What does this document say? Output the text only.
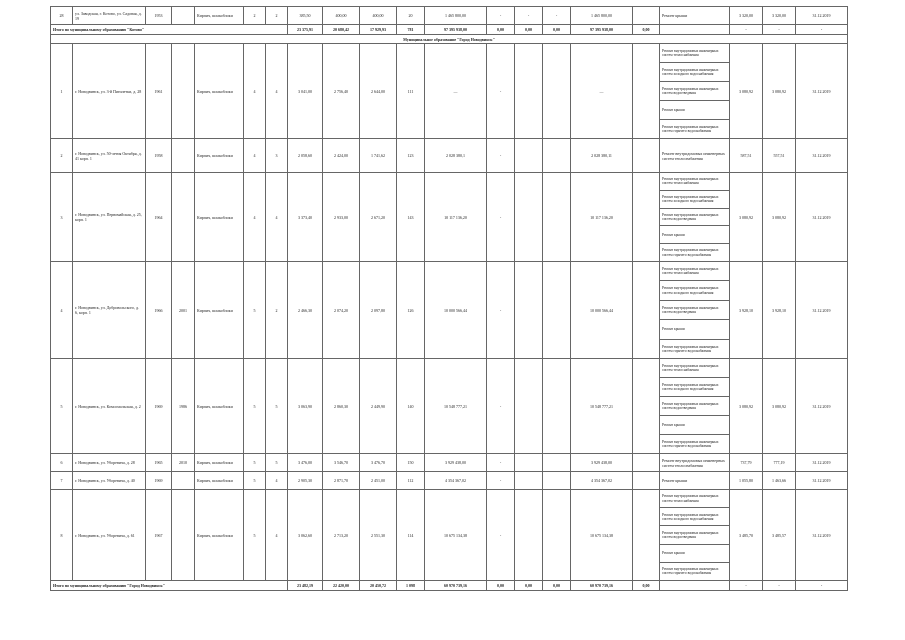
28	ул. Заводская, г. Котово, ул. Садовая, д. 19	1953		Кирпич, шлакоблоки	2	2	385,50	400,00	400,00	20	1 465 800,00	-	-	-	1 465 800,00		Ремонт крыши	3 320,00	3 320,00	31.12.2019
Итого по муниципальному образованию "Котово"							23 375,91	20 680,42	17 929,93	781	97 395 938,00	0,00	0,00	0,00	97 395 938,00	0,00		-	-	-
Муниципальное образование "Город Новодвинск"																				
1	г. Новодвинск, ул. 3-й Пятилетки, д. 28	1961		Кирпич, шлакоблоки	4	4	3 041,00	2 756,40	2 644,00	111	—	-			—		Ремонт внутридомовых инженерных систем теплоснабжения
Ремонт внутридомовых инженерных систем холодного водоснабжения
Ремонт внутридомовых инженерных систем водоотведения
Ремонт крыши
Ремонт внутридомовых инженерных систем горячего водоснабжения	3 080,92	3 080,92	31.12.2019
2	г. Новодвинск, ул. 50-летия Октября, д. 41 корп. 1	1958		Кирпич, шлакоблоки	4	3	2 058,60	2 424,00	1 741,62	123	2 028 380,1	-			2 028 380,11		Ремонт внутридомовых инженерных систем теплоснабжения	587,51	557,51	31.12.2019
3	г. Новодвинск, ул. Первомайская, д. 25, корп. 1	1964		Кирпич, шлакоблоки	4	4	3 373,40	2 933,00	2 671,20	143	10 117 136,20	-			10 117 136,20		Ремонт внутридомовых инженерных систем теплоснабжения
Ремонт внутридомовых инженерных систем холодного водоснабжения
Ремонт внутридомовых инженерных систем водоотведения
Ремонт крыши
Ремонт внутридомовых инженерных систем горячего водоснабжения	3 080,92	3 080,92	31.12.2019
4	г. Новодвинск, ул. Добровольского, д. 6, корп. 1	1966	2001	Кирпич, шлакоблоки	5	2	2 466,30	2 074,20	2 097,80	126	10 000 566,44	-			10 000 566,44		Ремонт внутридомовых инженерных систем теплоснабжения
Ремонт внутридомовых инженерных систем холодного водоснабжения
Ремонт внутридомовых инженерных систем водоотведения
Ремонт крыши
Ремонт внутридомовых инженерных систем горячего водоснабжения	3 928,10	3 928,10	31.12.2019
5	г. Новодвинск, ул. Комсомольская, д. 2	1969	1986	Кирпич, шлакоблоки	5	5	3 063,90	2 860,30	2 449,90	140	10 548 777,21	-			10 548 777,21		Ремонт внутридомовых инженерных систем теплоснабжения
Ремонт внутридомовых инженерных систем холодного водоснабжения
Ремонт внутридомовых инженерных систем водоотведения
Ремонт крыши
Ремонт внутридомовых инженерных систем горячего водоснабжения	3 080,92	3 080,92	31.12.2019
6	г. Новодвинск, ул. Уборевича, д. 28	1965	2010	Кирпич, шлакоблоки	5	5	3 476,00	3 546,70	3 476,70	150	3 929 438,00	-			3 929 438,00		Ремонт внутридомовых инженерных систем теплоснабжения	737,79	777,19	31.12.2019
7	г. Новодвинск, ул. Уборевича, д. 40	1969		Кирпич, шлакоблоки	5	4	2 905,30	2 871,70	2 451,00	112	4 354 367,02	-			4 354 367,02		Ремонт крыши	1 055,80	1 463,66	31.12.2019
8	г. Новодвинск, ул. Уборевича, д. 61	1967		Кирпич, шлакоблоки	5	4	3 062,60	2 713,20	2 551,30	114	10 675 134,38	-			10 675 134,38		Ремонт внутридомовых инженерных систем теплоснабжения
Ремонт внутридомовых инженерных систем холодного водоснабжения
Ремонт внутридомовых инженерных систем водоотведения
Ремонт крыши
Ремонт внутридомовых инженерных систем горячего водоснабжения	3 485,70	3 485,57	31.12.2019
Итого по муниципальному образованию "Город Новодвинск"							23 482,19	22 420,00	20 450,72	1 098	60 970 739,16	0,00	0,00	0,00	60 970 739,16	0,00		-	-	-
